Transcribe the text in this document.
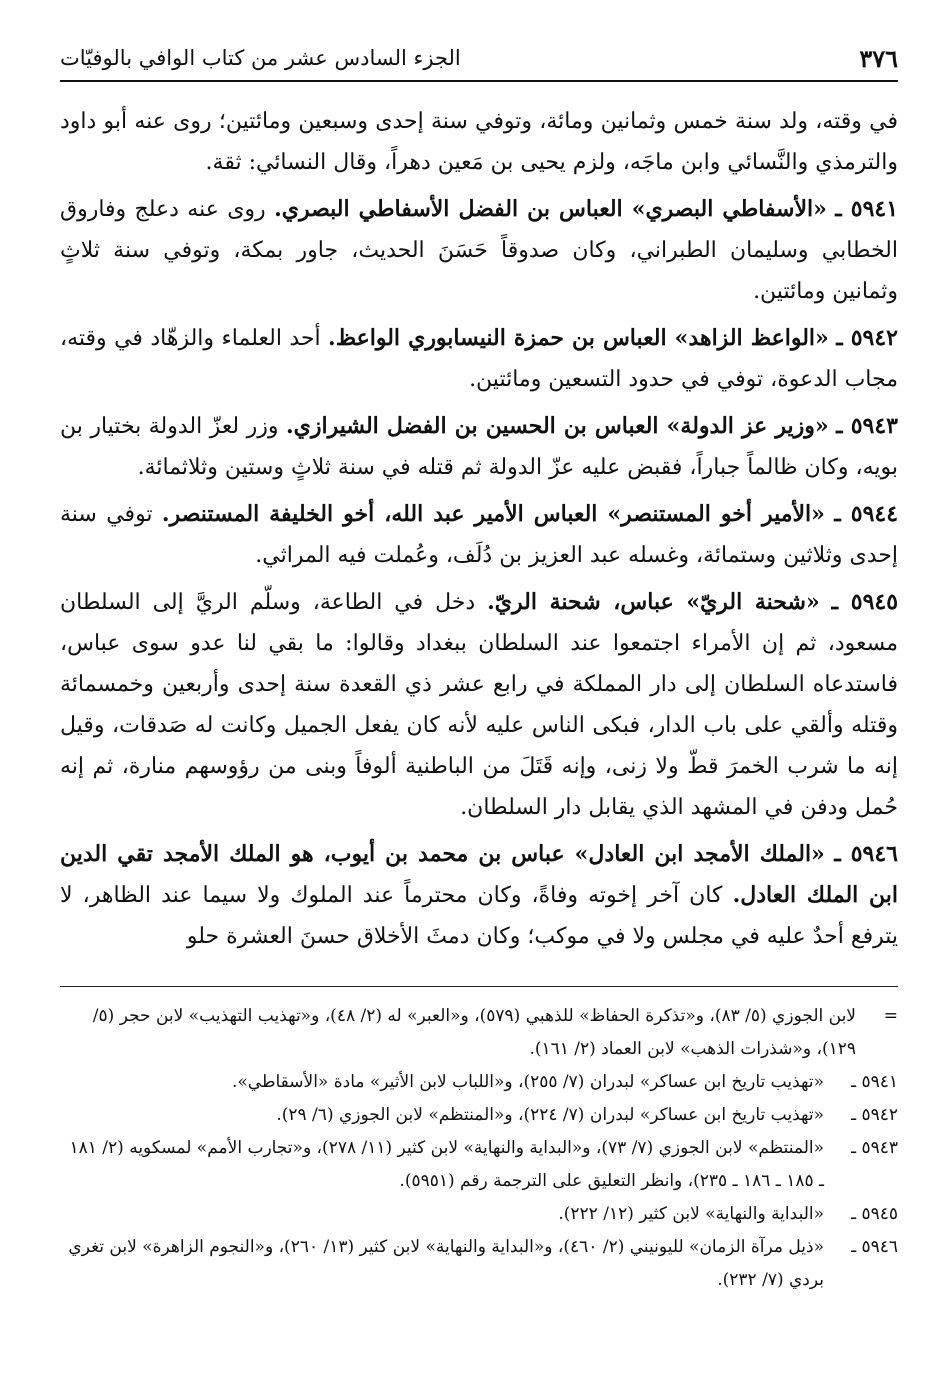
٣٧٦
الجزء السادس عشر من كتاب الوافي بالوفيّات

في وقته، ولد سنة خمس وثمانين ومائة، وتوفي سنة إحدى وسبعين ومائتين؛ روى عنه أبو داود والترمذي والنَّسائي وابن ماجَه، ولزم يحيى بن مَعين دهراً، وقال النسائي: ثقة.

٥٩٤١ ـ «الأسفاطي البصري» العباس بن الفضل الأسفاطي البصري. روى عنه دعلج وفاروق الخطابي وسليمان الطبراني، وكان صدوقاً حَسَنَ الحديث، جاور بمكة، وتوفي سنة ثلاثٍ وثمانين ومائتين.

٥٩٤٢ ـ «الواعظ الزاهد» العباس بن حمزة النيسابوري الواعظ. أحد العلماء والزهّاد في وقته، مجاب الدعوة، توفي في حدود التسعين ومائتين.

٥٩٤٣ ـ «وزير عز الدولة» العباس بن الحسين بن الفضل الشيرازي. وزر لعزّ الدولة بختيار بن بويه، وكان ظالماً جباراً، فقبض عليه عزّ الدولة ثم قتله في سنة ثلاثٍ وستين وثلاثمائة.

٥٩٤٤ ـ «الأمير أخو المستنصر» العباس الأمير عبد الله، أخو الخليفة المستنصر. توفي سنة إحدى وثلاثين وستمائة، وغسله عبد العزيز بن دُلَف، وعُملت فيه المراثي.

٥٩٤٥ ـ «شحنة الريّ» عباس، شحنة الريّ. دخل في الطاعة، وسلّم الريَّ إلى السلطان مسعود، ثم إن الأمراء اجتمعوا عند السلطان ببغداد وقالوا: ما بقي لنا عدو سوى عباس، فاستدعاه السلطان إلى دار المملكة في رابع عشر ذي القعدة سنة إحدى وأربعين وخمسمائة وقتله وألقي على باب الدار، فبكى الناس عليه لأنه كان يفعل الجميل وكانت له صَدقات، وقيل إنه ما شرب الخمرَ قطّ ولا زنى، وإنه قَتَلَ من الباطنية ألوفاً وبنى من رؤوسهم منارة، ثم إنه حُمل ودفن في المشهد الذي يقابل دار السلطان.

٥٩٤٦ ـ «الملك الأمجد ابن العادل» عباس بن محمد بن أيوب، هو الملك الأمجد تقي الدين ابن الملك العادل. كان آخر إخوته وفاةً، وكان محترماً عند الملوك ولا سيما عند الظاهر، لا يترفع أحدٌ عليه في مجلس ولا في موكب؛ وكان دمثَ الأخلاق حسنَ العشرة حلو

=
لابن الجوزي (٥/ ٨٣)، و«تذكرة الحفاظ» للذهبي (٥٧٩)، و«العبر» له (٢/ ٤٨)، و«تهذيب التهذيب» لابن حجر (٥/ ١٢٩)، و«شذرات الذهب» لابن العماد (٢/ ١٦١).
٥٩٤١ ـ
«تهذيب تاريخ ابن عساكر» لبدران (٧/ ٢٥٥)، و«اللباب لابن الأثير» مادة «الأسقاطي».
٥٩٤٢ ـ
«تهذيب تاريخ ابن عساكر» لبدران (٧/ ٢٢٤)، و«المنتظم» لابن الجوزي (٦/ ٢٩).
٥٩٤٣ ـ
«المنتظم» لابن الجوزي (٧/ ٧٣)، و«البداية والنهاية» لابن كثير (١١/ ٢٧٨)، و«تجارب الأمم» لمسكويه (٢/ ١٨١ ـ ١٨٥ ـ ١٨٦ ـ ٢٣٥)، وانظر التعليق على الترجمة رقم (٥٩٥١).
٥٩٤٥ ـ
«البداية والنهاية» لابن كثير (١٢/ ٢٢٢).
٥٩٤٦ ـ
«ذيل مرآة الزمان» لليونيني (٢/ ٤٦٠)، و«البداية والنهاية» لابن كثير (١٣/ ٢٦٠)، و«النجوم الزاهرة» لابن تغري بردي (٧/ ٢٣٢).
